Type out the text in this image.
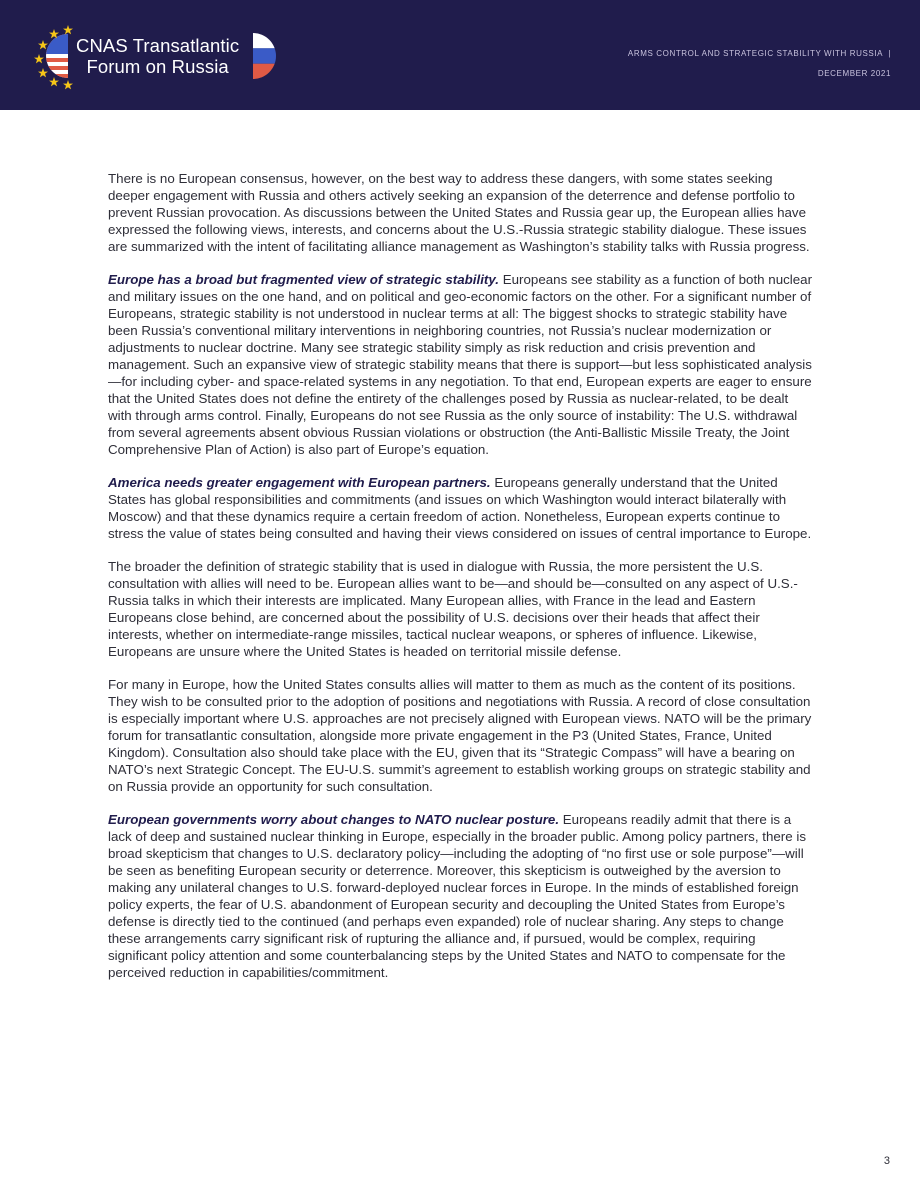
CNAS Transatlantic
Forum on Russia
ARMS CONTROL AND STRATEGIC STABILITY WITH RUSSIA  |
DECEMBER 2021

There is no European consensus, however, on the best way to address these dangers, with some states seeking deeper engagement with Russia and others actively seeking an expansion of the deterrence and defense portfolio to prevent Russian provocation. As discussions between the United States and Russia gear up, the European allies have expressed the following views, interests, and concerns about the U.S.-Russia strategic stability dialogue. These issues are summarized with the intent of facilitating alliance management as Washington’s stability talks with Russia progress.

Europe has a broad but fragmented view of strategic stability. Europeans see stability as a function of both nuclear and military issues on the one hand, and on political and geo-economic factors on the other. For a significant number of Europeans, strategic stability is not understood in nuclear terms at all: The biggest shocks to strategic stability have been Russia’s conventional military interventions in neighboring countries, not Russia’s nuclear modernization or adjustments to nuclear doctrine. Many see strategic stability simply as risk reduction and crisis prevention and management. Such an expansive view of strategic stability means that there is support—but less sophisticated analysis—for including cyber- and space-related systems in any negotiation. To that end, European experts are eager to ensure that the United States does not define the entirety of the challenges posed by Russia as nuclear-related, to be dealt with through arms control. Finally, Europeans do not see Russia as the only source of instability: The U.S. withdrawal from several agreements absent obvious Russian violations or obstruction (the Anti-Ballistic Missile Treaty, the Joint Comprehensive Plan of Action) is also part of Europe’s equation.

America needs greater engagement with European partners. Europeans generally understand that the United States has global responsibilities and commitments (and issues on which Washington would interact bilaterally with Moscow) and that these dynamics require a certain freedom of action. Nonetheless, European experts continue to stress the value of states being consulted and having their views considered on issues of central importance to Europe.

The broader the definition of strategic stability that is used in dialogue with Russia, the more persistent the U.S. consultation with allies will need to be. European allies want to be—and should be—consulted on any aspect of U.S.-Russia talks in which their interests are implicated. Many European allies, with France in the lead and Eastern Europeans close behind, are concerned about the possibility of U.S. decisions over their heads that affect their interests, whether on intermediate-range missiles, tactical nuclear weapons, or spheres of influence. Likewise, Europeans are unsure where the United States is headed on territorial missile defense.

For many in Europe, how the United States consults allies will matter to them as much as the content of its positions. They wish to be consulted prior to the adoption of positions and negotiations with Russia. A record of close consultation is especially important where U.S. approaches are not precisely aligned with European views. NATO will be the primary forum for transatlantic consultation, alongside more private engagement in the P3 (United States, France, United Kingdom). Consultation also should take place with the EU, given that its “Strategic Compass” will have a bearing on NATO’s next Strategic Concept. The EU-U.S. summit’s agreement to establish working groups on strategic stability and on Russia provide an opportunity for such consultation.

European governments worry about changes to NATO nuclear posture. Europeans readily admit that there is a lack of deep and sustained nuclear thinking in Europe, especially in the broader public. Among policy partners, there is broad skepticism that changes to U.S. declaratory policy—including the adopting of “no first use or sole purpose”—will be seen as benefiting European security or deterrence. Moreover, this skepticism is outweighed by the aversion to making any unilateral changes to U.S. forward-deployed nuclear forces in Europe. In the minds of established foreign policy experts, the fear of U.S. abandonment of European security and decoupling the United States from Europe’s defense is directly tied to the continued (and perhaps even expanded) role of nuclear sharing. Any steps to change these arrangements carry significant risk of rupturing the alliance and, if pursued, would be complex, requiring significant policy attention and some counterbalancing steps by the United States and NATO to compensate for the perceived reduction in capabilities/commitment.

3
